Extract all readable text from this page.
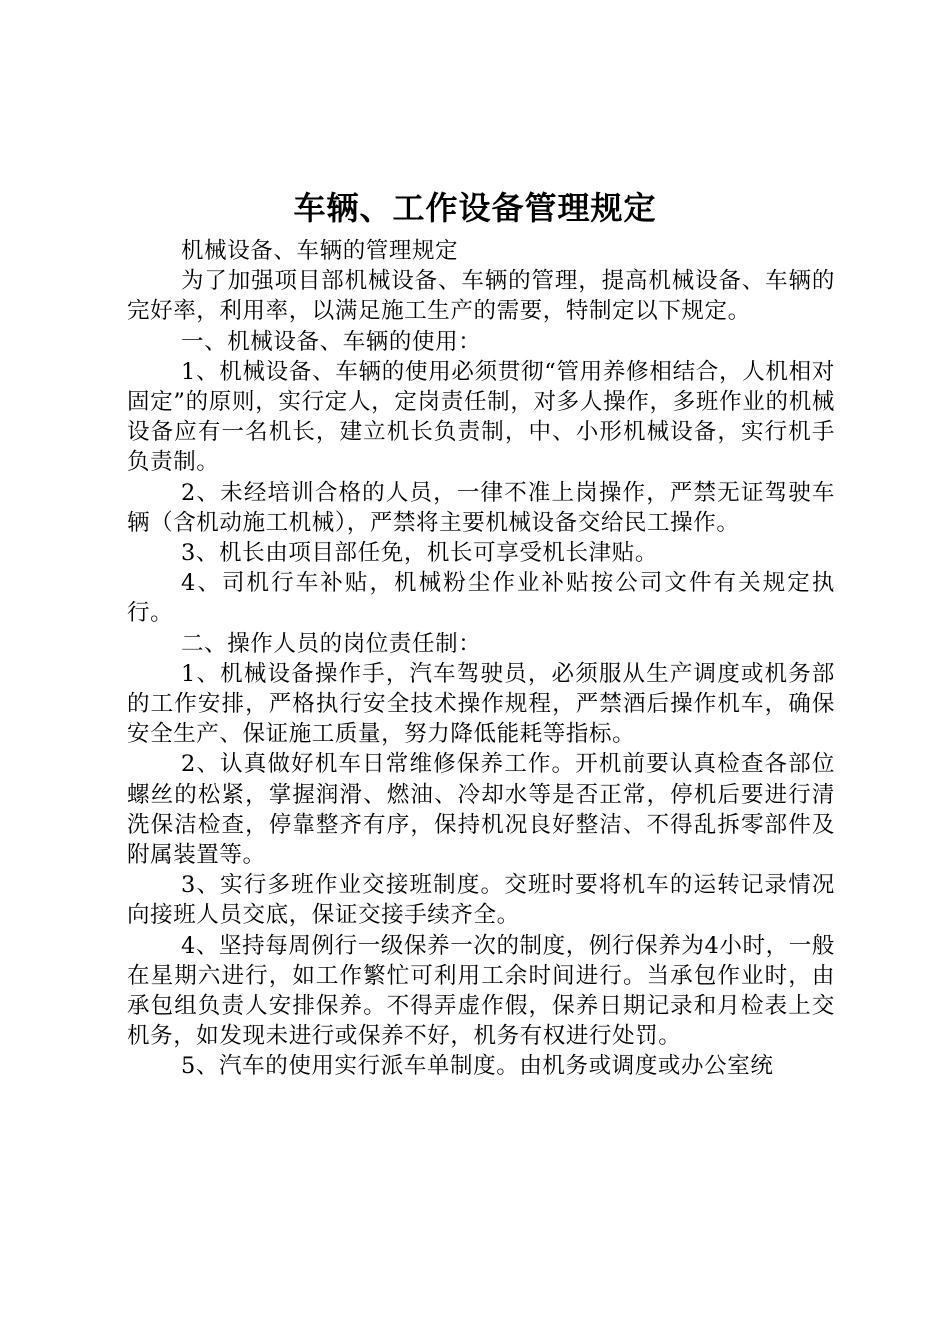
车辆、工作设备管理规定

机械设备、车辆的管理规定

为了加强项目部机械设备、车辆的管理，提高机械设备、车辆的完好率，利用率，以满足施工生产的需要，特制定以下规定。

一、机械设备、车辆的使用：

1、机械设备、车辆的使用必须贯彻“管用养修相结合，人机相对固定”的原则，实行定人，定岗责任制，对多人操作，多班作业的机械设备应有一名机长，建立机长负责制，中、小形机械设备，实行机手负责制。

2、未经培训合格的人员，一律不准上岗操作，严禁无证驾驶车辆（含机动施工机械），严禁将主要机械设备交给民工操作。

3、机长由项目部任免，机长可享受机长津贴。

4、司机行车补贴，机械粉尘作业补贴按公司文件有关规定执行。

二、操作人员的岗位责任制：

1、机械设备操作手，汽车驾驶员，必须服从生产调度或机务部的工作安排，严格执行安全技术操作规程，严禁酒后操作机车，确保安全生产、保证施工质量，努力降低能耗等指标。

2、认真做好机车日常维修保养工作。开机前要认真检查各部位螺丝的松紧，掌握润滑、燃油、冷却水等是否正常，停机后要进行清洗保洁检查，停靠整齐有序，保持机况良好整洁、不得乱拆零部件及附属装置等。

3、实行多班作业交接班制度。交班时要将机车的运转记录情况向接班人员交底，保证交接手续齐全。

4、坚持每周例行一级保养一次的制度，例行保养为4小时，一般在星期六进行，如工作繁忙可利用工余时间进行。当承包作业时，由承包组负责人安排保养。不得弄虚作假，保养日期记录和月检表上交机务，如发现未进行或保养不好，机务有权进行处罚。

5、汽车的使用实行派车单制度。由机务或调度或办公室统
